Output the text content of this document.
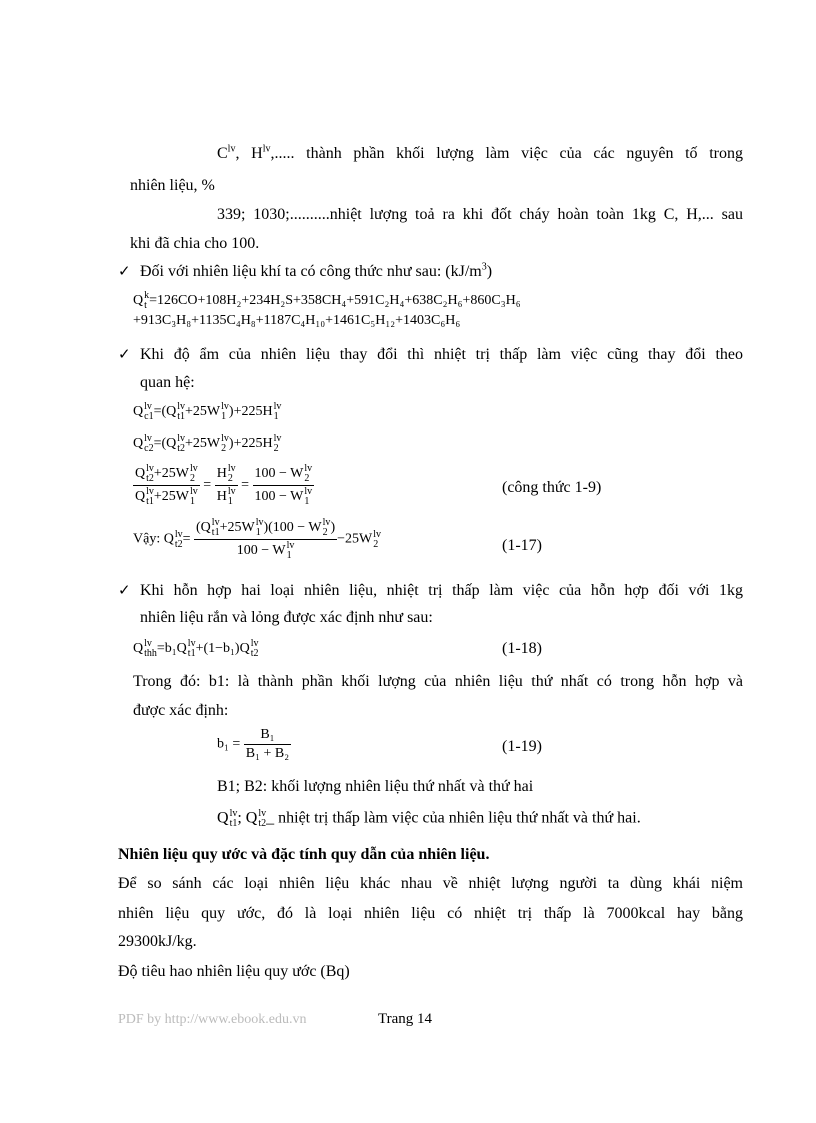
$C^{lv}$, $H^{lv}$,..... thành phần khối lượng làm việc của các nguyên tố trong
nhiên liệu, %
339; 1030;..........nhiệt lượng toả ra khi đốt cháy hoàn toàn 1kg C, H,... sau
khi đã chia cho 100.
✓ Đối với nhiên liệu khí ta có công thức như sau: $(kJ/m^3)$
Q k
t =126CO+108H₂+234H₂S+358CH₄+591C₂H₄+638C₂H₆+860C₃H₆
+913C₃H₈+1135C₄H₈+1187C₄H₁₀+1461C₅H₁₂+1403C₆H₆
✓ Khi độ ẩm của nhiên liệu thay đổi thì nhiệt trị thấp làm việc cũng thay đổi theo
quan hệ:
Q lv
c1 =(Q lv
t1 +25W lv
1 )+225H lv
1
Q lv
c2 =(Q lv
t2 +25W lv
2 )+225H lv
2
Q lv
t2 +25W lv
2
Q lv
t1 +25W lv
1 = H lv
2
H lv
1 = 100 − W lv
2
100 − W lv
1	(công thức 1-9)
Vậy: Q lv
t2 = (Q lv
t1 +25W lv
1 )(100 − W lv
2 )
100 − W lv
1 −25W lv
2	(1-17)
✓ Khi hỗn hợp hai loại nhiên liệu, nhiệt trị thấp làm việc của hỗn hợp đối với 1kg
nhiên liệu rắn và lỏng được xác định như sau:
Q lv
thh =b₁Q lv
t1 +(1−b₁)Q lv
t2	(1-18)
Trong đó: b1: là thành phần khối lượng của nhiên liệu thứ nhất có trong hỗn hợp và
được xác định:
$b_1 = \frac{\text{B₁}}{\text{B₁ + B₂}}$	(1-19)
B1; B2: khối lượng nhiên liệu thứ nhất và thứ hai
Q lv
t1 ; Q lv
t2 _ nhiệt trị thấp làm việc của nhiên liệu thứ nhất và thứ hai.
Nhiên liệu quy ước và đặc tính quy dẫn của nhiên liệu.
Để so sánh các loại nhiên liệu khác nhau về nhiệt lượng người ta dùng khái niệm
nhiên liệu quy ước, đó là loại nhiên liệu có nhiệt trị thấp là 7000kcal hay bằng
29300kJ/kg.
Độ tiêu hao nhiên liệu quy ước (Bq)
PDF by http://www.ebook.edu.vn	Trang 14
